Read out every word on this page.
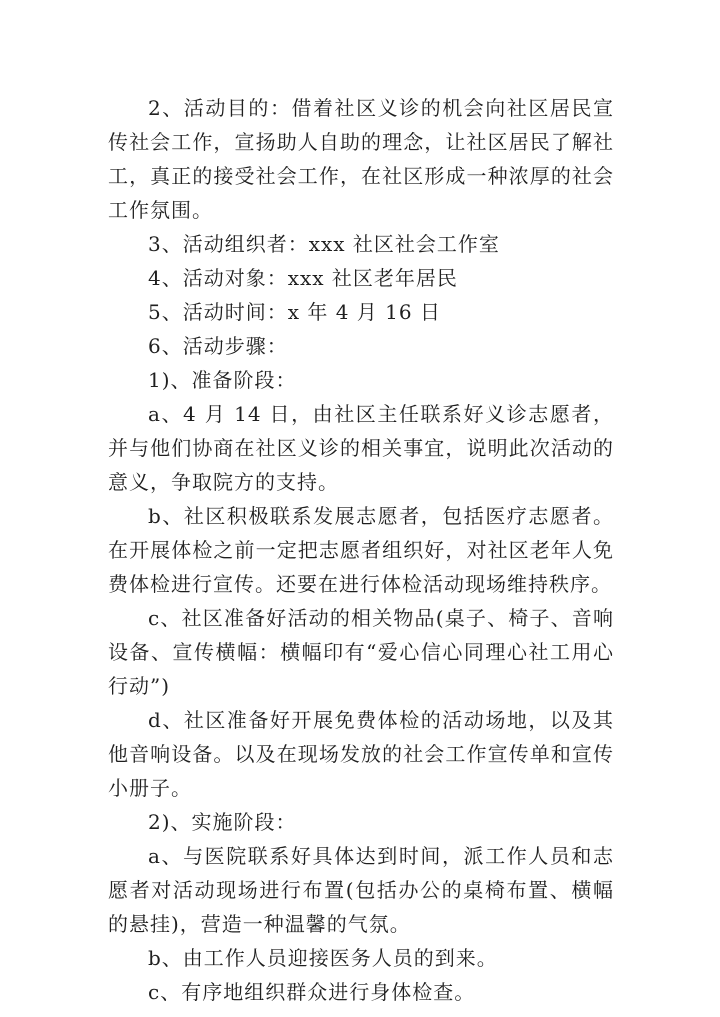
2、活动目的：借着社区义诊的机会向社区居民宣传社会工作，宣扬助人自助的理念，让社区居民了解社工，真正的接受社会工作，在社区形成一种浓厚的社会工作氛围。

3、活动组织者：xxx 社区社会工作室

4、活动对象：xxx 社区老年居民

5、活动时间：x 年 4 月 16 日

6、活动步骤：

1)、准备阶段：

a、4 月 14 日，由社区主任联系好义诊志愿者，并与他们协商在社区义诊的相关事宜，说明此次活动的意义，争取院方的支持。

b、社区积极联系发展志愿者，包括医疗志愿者。在开展体检之前一定把志愿者组织好，对社区老年人免费体检进行宣传。还要在进行体检活动现场维持秩序。

c、社区准备好活动的相关物品(桌子、椅子、音响设备、宣传横幅：横幅印有“爱心信心同理心社工用心行动”)

d、社区准备好开展免费体检的活动场地，以及其他音响设备。以及在现场发放的社会工作宣传单和宣传小册子。

2)、实施阶段：

a、与医院联系好具体达到时间，派工作人员和志愿者对活动现场进行布置(包括办公的桌椅布置、横幅的悬挂)，营造一种温馨的气氛。

b、由工作人员迎接医务人员的到来。

c、有序地组织群众进行身体检查。
